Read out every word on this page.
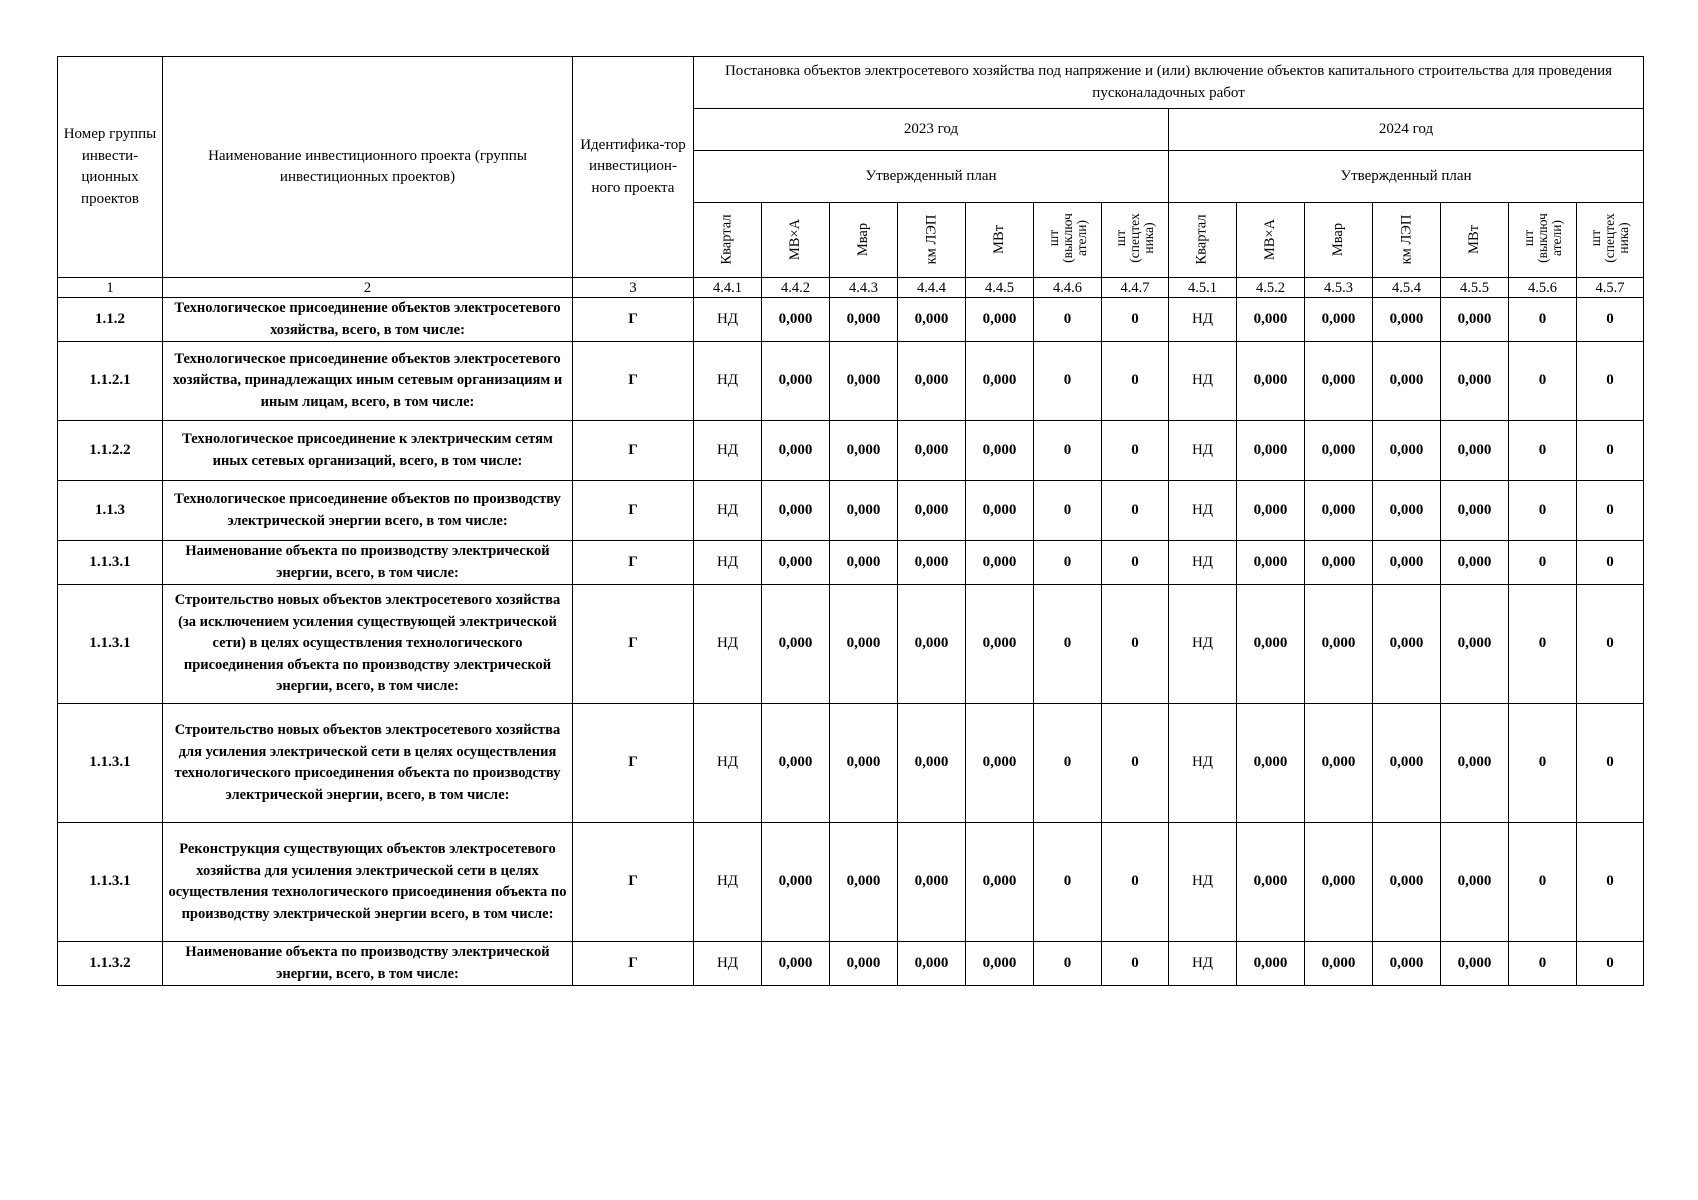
Номер группы инвести-ционных проектов	Наименование инвестиционного проекта (группы инвестиционных проектов)	Идентифика-тор инвестицион-ного проекта	Постановка объектов электросетевого хозяйства под напряжение и (или) включение объектов капитального строительства для проведения пусконаладочных работ													
			2023 год							2024 год						
			Утвержденный план							Утвержденный план						
			Квартал	МВ×А	Мвар	км ЛЭП	МВт	шт (выключ атели)	шт (спецтех ника)	Квартал	МВ×А	Мвар	км ЛЭП	МВт	шт (выключ атели)	шт (спецтех ника)
1	2	3	4.4.1	4.4.2	4.4.3	4.4.4	4.4.5	4.4.6	4.4.7	4.5.1	4.5.2	4.5.3	4.5.4	4.5.5	4.5.6	4.5.7
1.1.2	Технологическое присоединение объектов электросетевого хозяйства, всего, в том числе:	Г	НД	0,000	0,000	0,000	0,000	0	0	НД	0,000	0,000	0,000	0,000	0	0
1.1.2.1	Технологическое присоединение объектов электросетевого хозяйства, принадлежащих иным сетевым организациям и иным лицам, всего, в том числе:	Г	НД	0,000	0,000	0,000	0,000	0	0	НД	0,000	0,000	0,000	0,000	0	0
1.1.2.2	Технологическое присоединение к электрическим сетям иных сетевых организаций, всего, в том числе:	Г	НД	0,000	0,000	0,000	0,000	0	0	НД	0,000	0,000	0,000	0,000	0	0
1.1.3	Технологическое присоединение объектов по производству электрической энергии всего, в том числе:	Г	НД	0,000	0,000	0,000	0,000	0	0	НД	0,000	0,000	0,000	0,000	0	0
1.1.3.1	Наименование объекта по производству электрической энергии, всего, в том числе:	Г	НД	0,000	0,000	0,000	0,000	0	0	НД	0,000	0,000	0,000	0,000	0	0
1.1.3.1	Строительство новых объектов электросетевого хозяйства (за исключением усиления существующей электрической сети) в целях осуществления технологического присоединения объекта по производству электрической энергии, всего, в том числе:	Г	НД	0,000	0,000	0,000	0,000	0	0	НД	0,000	0,000	0,000	0,000	0	0
1.1.3.1	Строительство новых объектов электросетевого хозяйства для усиления электрической сети в целях осуществления технологического присоединения объекта по производству электрической энергии, всего, в том числе:	Г	НД	0,000	0,000	0,000	0,000	0	0	НД	0,000	0,000	0,000	0,000	0	0
1.1.3.1	Реконструкция существующих объектов электросетевого хозяйства для усиления электрической сети в целях осуществления технологического присоединения объекта по производству электрической энергии всего, в том числе:	Г	НД	0,000	0,000	0,000	0,000	0	0	НД	0,000	0,000	0,000	0,000	0	0
1.1.3.2	Наименование объекта по производству электрической энергии, всего, в том числе:	Г	НД	0,000	0,000	0,000	0,000	0	0	НД	0,000	0,000	0,000	0,000	0	0
